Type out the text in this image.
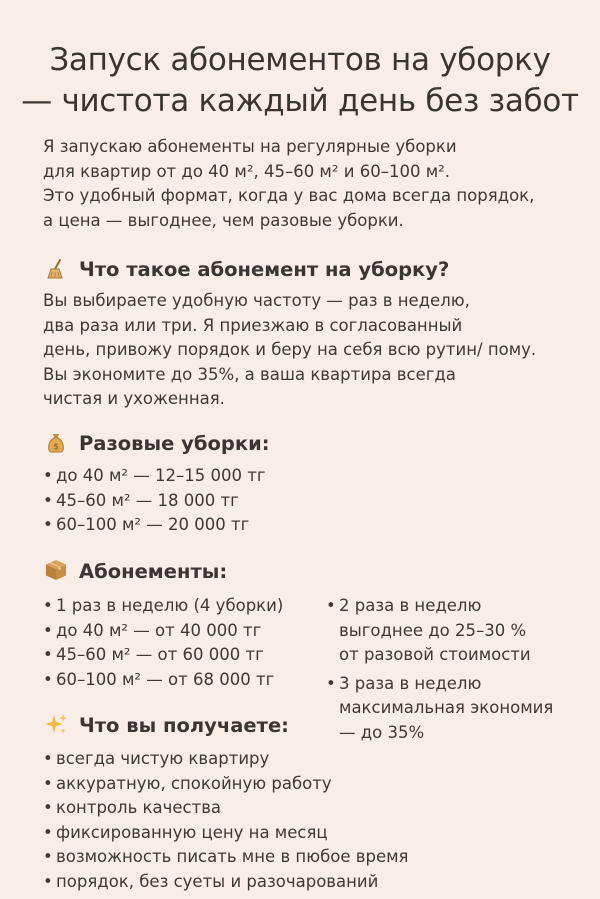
Запуск абонементов на уборку
— чистота каждый день без забот
Я запускаю абонементы на регулярные уборки
для квартир от до 40 м², 45–60 м² и 60–100 м².
Это удобный формат, когда у вас дома всегда порядок,
а цена — выгоднее, чем разовые уборки.
Что такое абонемент на уборку?
Вы выбираете удобную частоту — раз в неделю,
два раза или три. Я приезжаю в согласованный
день, привожу порядок и беру на себя всю рутин/ пому.
Вы экономите до 35%, а ваша квартира всегда
чистая и ухоженная.
$ Разовые уборки:
• до 40 м² — 12–15 000 тг
• 45–60 м² — 18 000 тг
• 60–100 м² — 20 000 тг
Абонементы:
• 1 раз в неделю (4 уборки)
• до 40 м² — от 40 000 тг
• 45–60 м² — от 60 000 тг
• 60–100 м² — от 68 000 тг
• 2 раза в неделю
выгоднее до 25–30 %
от разовой стоимости
• 3 раза в неделю
максимальная экономия
— до 35%
Что вы получаете:
• всегда чистую квартиру
• аккуратную, спокойную работу
• контроль качества
• фиксированную цену на месяц
• возможность писать мне в пюбое время
• порядок, без суеты и разочарований
